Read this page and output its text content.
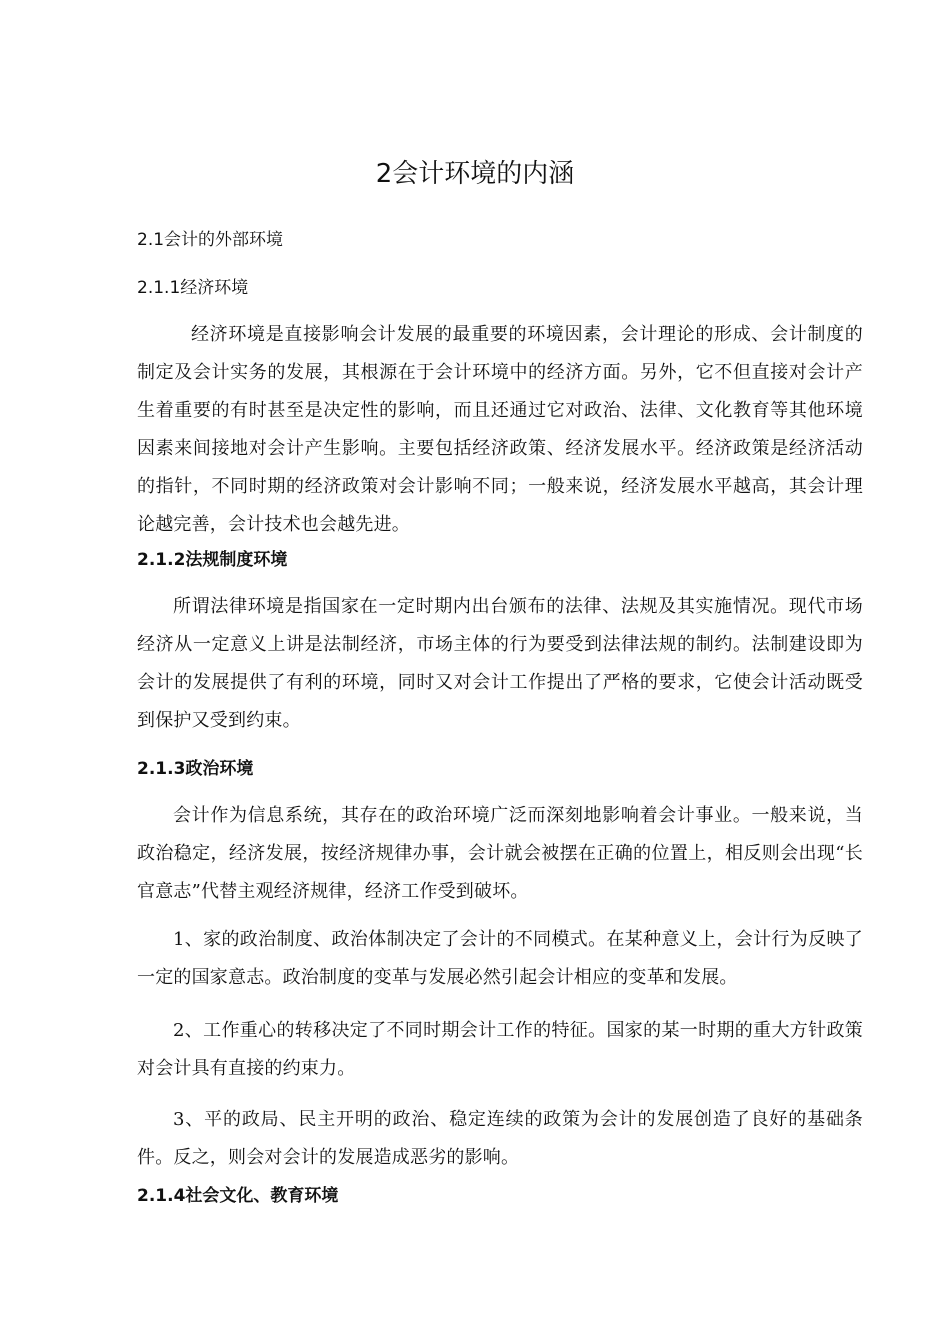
2会计环境的内涵
2.1会计的外部环境
2.1.1经济环境

经济环境是直接影响会计发展的最重要的环境因素，会计理论的形成、会计制度的制定及会计实务的发展，其根源在于会计环境中的经济方面。另外，它不但直接对会计产生着重要的有时甚至是决定性的影响，而且还通过它对政治、法律、文化教育等其他环境因素来间接地对会计产生影响。主要包括经济政策、经济发展水平。经济政策是经济活动的指针，不同时期的经济政策对会计影响不同；一般来说，经济发展水平越高，其会计理论越完善，会计技术也会越先进。

2.1.2法规制度环境

所谓法律环境是指国家在一定时期内出台颁布的法律、法规及其实施情况。现代市场经济从一定意义上讲是法制经济，市场主体的行为要受到法律法规的制约。法制建设即为会计的发展提供了有利的环境，同时又对会计工作提出了严格的要求，它使会计活动既受到保护又受到约束。

2.1.3政治环境

会计作为信息系统，其存在的政治环境广泛而深刻地影响着会计事业。一般来说，当政治稳定，经济发展，按经济规律办事，会计就会被摆在正确的位置上，相反则会出现“长官意志”代替主观经济规律，经济工作受到破坏。

1、家的政治制度、政治体制决定了会计的不同模式。在某种意义上，会计行为反映了一定的国家意志。政治制度的变革与发展必然引起会计相应的变革和发展。

2、工作重心的转移决定了不同时期会计工作的特征。国家的某一时期的重大方针政策对会计具有直接的约束力。

3、平的政局、民主开明的政治、稳定连续的政策为会计的发展创造了良好的基础条件。反之，则会对会计的发展造成恶劣的影响。

2.1.4社会文化、教育环境
